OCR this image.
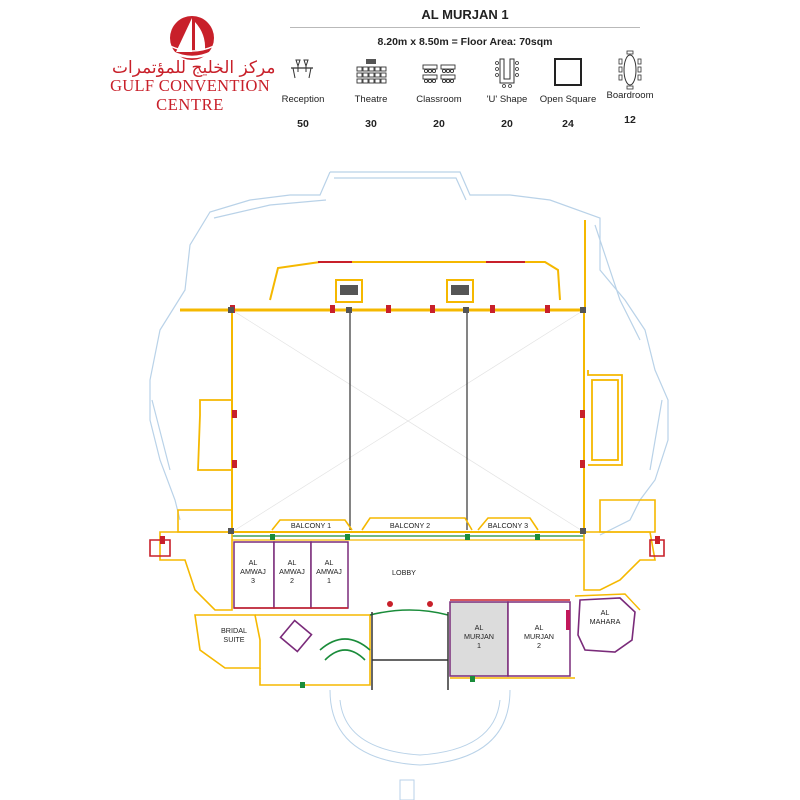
مركز الخليج للمؤتمرات
GULF CONVENTION
CENTRE
AL MURJAN 1
8.20m x 8.50m = Floor Area: 70sqm
Reception
50
Theatre
30
Classroom
20
'U' Shape
20
Open Square
24
Boardroom
12
BALCONY 1	BALCONY 2	BALCONY 3
AL AMWAJ 3
AL AMWAJ 2
AL AMWAJ 1
LOBBY
BRIDAL SUITE
AL MURJAN 1
AL MURJAN 2
AL MAHARA
